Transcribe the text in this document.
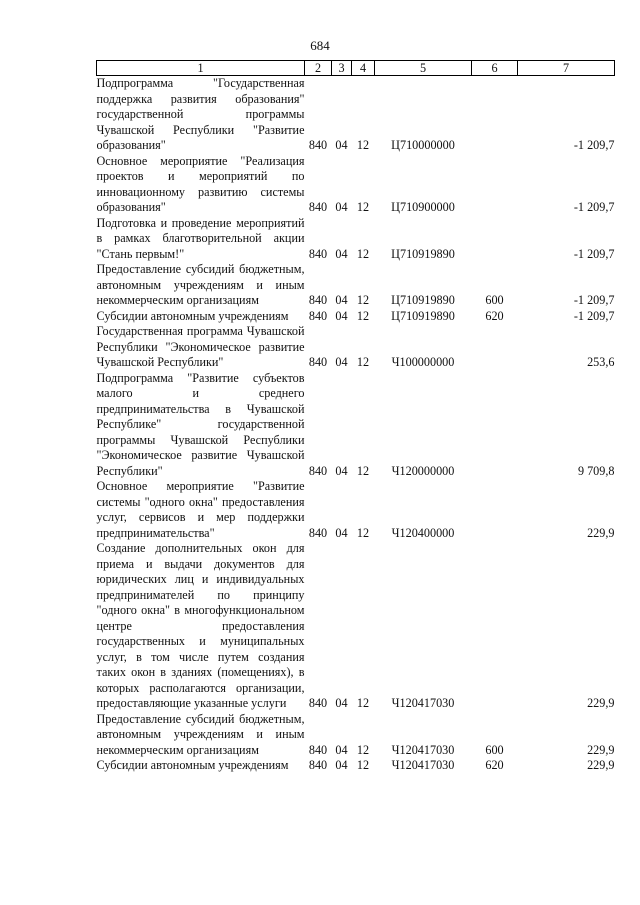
684
1	2	3	4	5	6	7
Подпрограмма "Государственная поддержка развития образования" государственной программы Чувашской Республики "Развитие образования"	840	04	12	Ц710000000		-1 209,7
Основное мероприятие "Реализация проектов и мероприятий по инновационному развитию системы образования"	840	04	12	Ц710900000		-1 209,7
Подготовка и проведение мероприятий в рамках благотворительной акции "Стань первым!"	840	04	12	Ц710919890		-1 209,7
Предоставление субсидий бюджетным, автономным учреждениям и иным некоммерческим организациям	840	04	12	Ц710919890	600	-1 209,7
Субсидии автономным учреждениям	840	04	12	Ц710919890	620	-1 209,7
Государственная программа Чувашской Республики "Экономическое развитие Чувашской Республики"	840	04	12	Ч100000000		253,6
Подпрограмма "Развитие субъектов малого и среднего предпринимательства в Чувашской Республике" государственной программы Чувашской Республики "Экономическое развитие Чувашской Республики"	840	04	12	Ч120000000		9 709,8
Основное мероприятие "Развитие системы "одного окна" предоставления услуг, сервисов и мер поддержки предпринимательства"	840	04	12	Ч120400000		229,9
Создание дополнительных окон для приема и выдачи документов для юридических лиц и индивидуальных предпринимателей по принципу "одного окна" в многофункциональном центре предоставления государственных и муниципальных услуг, в том числе путем создания таких окон в зданиях (помещениях), в которых располагаются организации, предоставляющие указанные услуги	840	04	12	Ч120417030		229,9
Предоставление субсидий бюджетным, автономным учреждениям и иным некоммерческим организациям	840	04	12	Ч120417030	600	229,9
Субсидии автономным учреждениям	840	04	12	Ч120417030	620	229,9
